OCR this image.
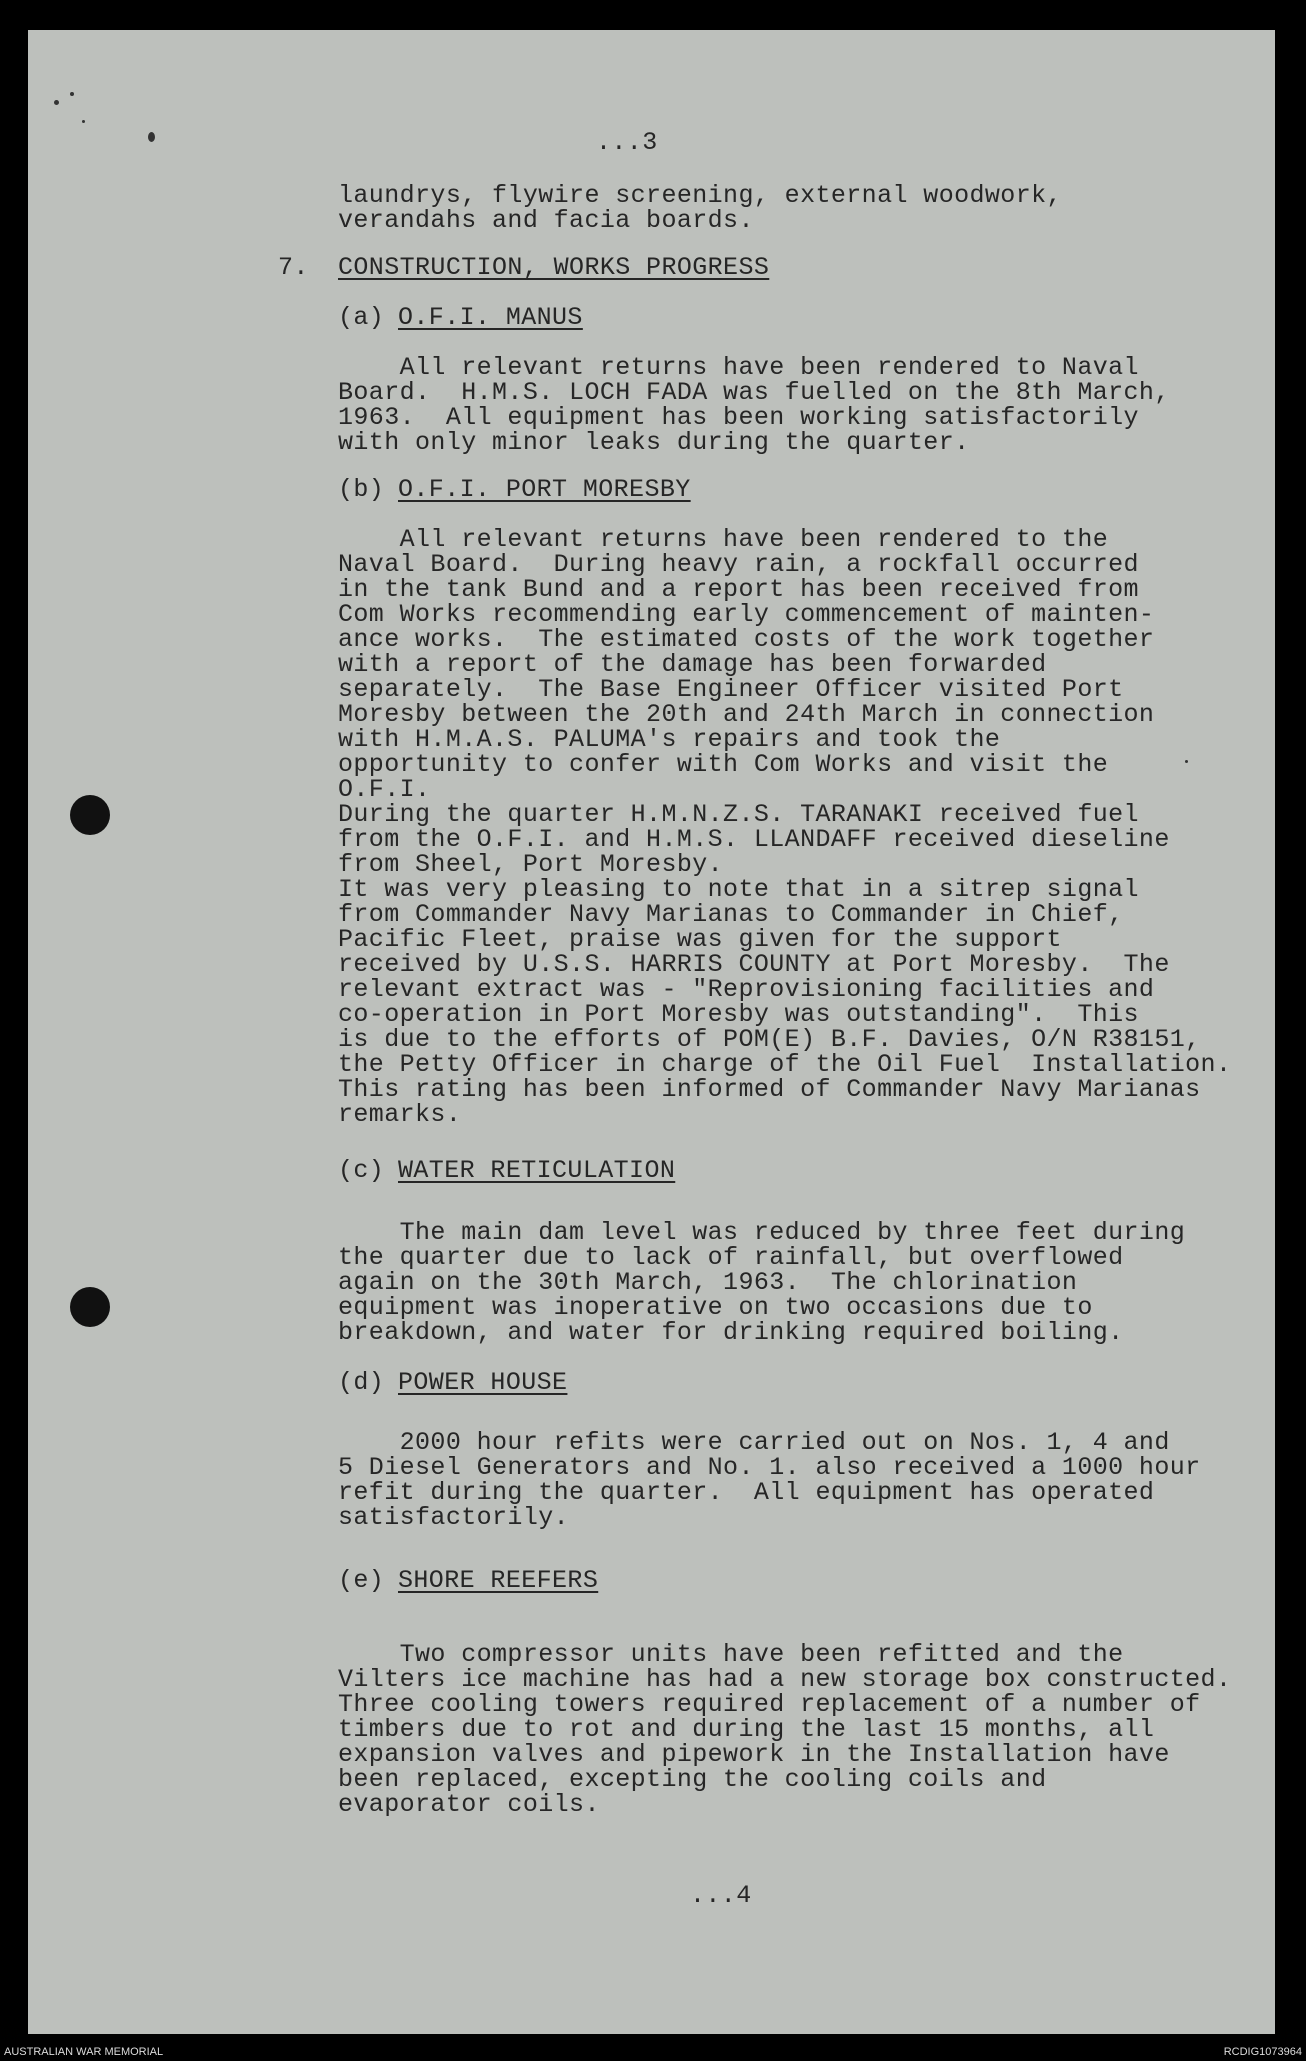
...3
laundrys, flywire screening, external woodwork,
verandahs and facia boards.
7. CONSTRUCTION, WORKS PROGRESS
(a) O.F.I. MANUS
All relevant returns have been rendered to Naval
Board.  H.M.S. LOCH FADA was fuelled on the 8th March,
1963.  All equipment has been working satisfactorily
with only minor leaks during the quarter.
(b) O.F.I. PORT MORESBY
All relevant returns have been rendered to the
Naval Board.  During heavy rain, a rockfall occurred
in the tank Bund and a report has been received from
Com Works recommending early commencement of mainten-
ance works.  The estimated costs of the work together
with a report of the damage has been forwarded
separately.  The Base Engineer Officer visited Port
Moresby between the 20th and 24th March in connection
with H.M.A.S. PALUMA's repairs and took the
opportunity to confer with Com Works and visit the
O.F.I.
During the quarter H.M.N.Z.S. TARANAKI received fuel
from the O.F.I. and H.M.S. LLANDAFF received dieseline
from Sheel, Port Moresby.
It was very pleasing to note that in a sitrep signal
from Commander Navy Marianas to Commander in Chief,
Pacific Fleet, praise was given for the support
received by U.S.S. HARRIS COUNTY at Port Moresby.  The
relevant extract was - "Reprovisioning facilities and
co-operation in Port Moresby was outstanding".  This
is due to the efforts of POM(E) B.F. Davies, O/N R38151,
the Petty Officer in charge of the Oil Fuel  Installation.
This rating has been informed of Commander Navy Marianas
remarks.
(c) WATER RETICULATION
The main dam level was reduced by three feet during
the quarter due to lack of rainfall, but overflowed
again on the 30th March, 1963.  The chlorination
equipment was inoperative on two occasions due to
breakdown, and water for drinking required boiling.
(d) POWER HOUSE
2000 hour refits were carried out on Nos. 1, 4 and
5 Diesel Generators and No. 1. also received a 1000 hour
refit during the quarter.  All equipment has operated
satisfactorily.
(e) SHORE REEFERS
Two compressor units have been refitted and the
Vilters ice machine has had a new storage box constructed.
Three cooling towers required replacement of a number of
timbers due to rot and during the last 15 months, all
expansion valves and pipework in the Installation have
been replaced, excepting the cooling coils and
evaporator coils.
...4
AUSTRALIAN WAR MEMORIAL	RCDIG1073964
